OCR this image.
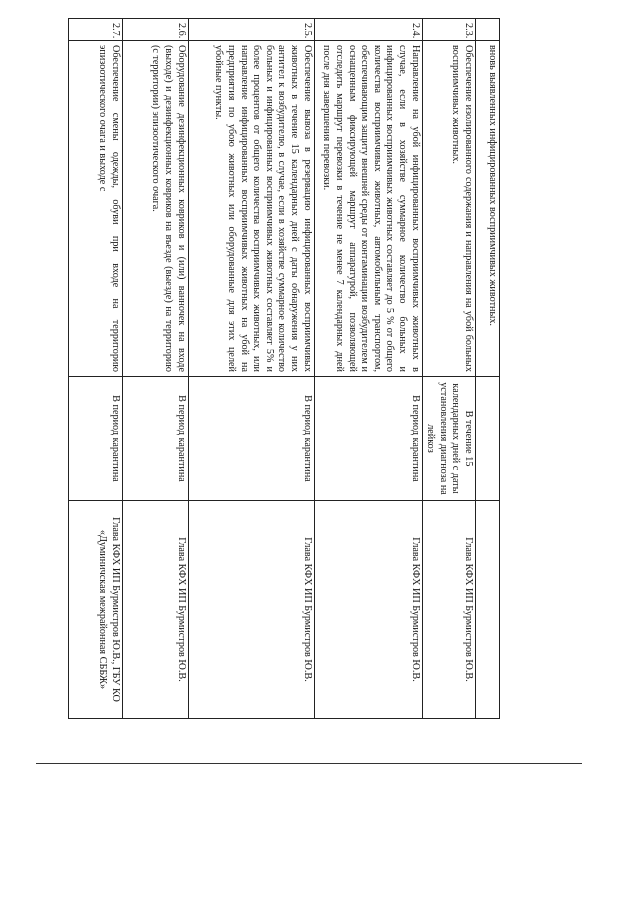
	вновь выявленных инфицированных восприимчивых животных.		
2.3.	Обеспечение изолированного содержания и направления на убой больных восприимчивых животных.	В течение 15 календарных дней с даты установления диагноза на лейкоз	Глава КФХ ИП Бурмистров Ю.В.
2.4.	Направление на убой инфицированных восприимчивых животных в случае, если в хозяйстве суммарное количество больных и инфицированных восприимчивых животных составляет до 5 % от общего количества восприимчивых животных, автомобильным транспортом, обеспечивающим защиту внешней среды от контаминации возбудителем и оснащенным фиксирующей маршрут аппаратурой, позволяющей отследить маршрут перевозки в течение не менее 7 календарных дней после дня завершения перевозки.	В период карантина	Глава КФХ ИП Бурмистров Ю.В.
2.5.	Обеспечение вывоза в резервацию инфицированных восприимчивых животных в течение 15 календарных дней с даты обнаружения у них антител к возбудителю, в случае, если в хозяйстве суммарное количество больных и инфицированных восприимчивых животных составляет 5% и более процентов от общего количества восприимчивых животных, или направление инфицированных восприимчивых животных на убой на предприятия по убою животных или оборудованные для этих целей убойные пункты.	В период карантина	Глава КФХ ИП Бурмистров Ю.В.
2.6.	Оборудование дезинфекционных ковриков и (или) ванночек на входе (выходе) и дезинфекционных ковриков на въезде (выезде) на территорию (с территории) эпизоотического очага.	В период карантина	Глава КФХ ИП Бурмистров Ю.В.
2.7.	Обеспечение смены одежды, обуви при входе на территорию эпизоотического очага и выходе с	В период карантина	Глава КФХ ИП Бурмистров Ю.В., ГБУ КО «Думиничская межрайонная СББЖ»
